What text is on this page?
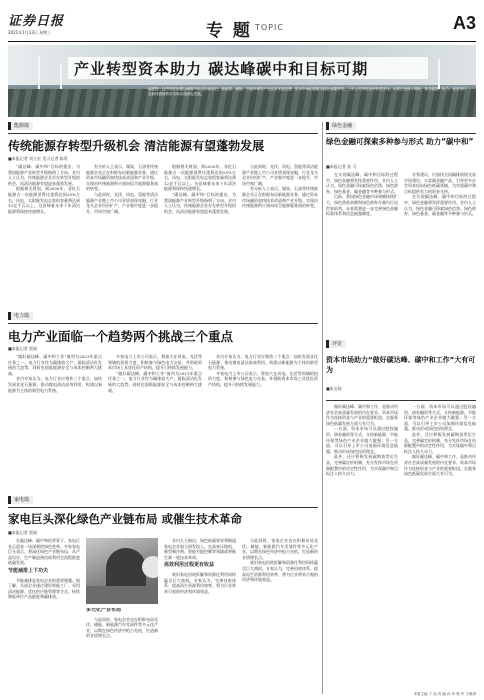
证券日报
2021年1月13日 星期三	专 题 TOPIC	A3
产业转型资本助力 碳达峰碳中和目标可期
编者按：在中国作出碳达峰碳中和目标承诺后，新能源、储能、节能环保等产业迎来发展机遇，资本市场积极服务绿色低碳转型，上市公司纷纷加快转型步伐。本报记者深入调研，探寻能源、电力、家电等行业如何借助资本市场实现绿色发展。
能源篇
传统能源存转型升级机会 清洁能源有望蓬勃发展
■本报记者 刘立宏 见习记者 陈菁

“碳达峰、碳中和”目标的提出，为我国能源产业转型升级指明了方向。业内人士认为，传统能源企业存在转型升级的机会，而清洁能源有望迎来蓬勃发展。

根据相关规划，到2030年，非化石能源占一次能源消费比重将达到25%左右，风电、太阳能发电总装机容量将达到12亿千瓦以上。这意味着未来十年清洁能源将保持快速增长。

有分析人士表示，煤炭、石油等传统能源企业正在积极布局新能源业务，通过资本市场融资加快技术改造和产业升级，实现由传统能源供应商向综合能源服务商的转变。

与此同时，光伏、风电、氢能等清洁能源产业链上市公司业绩表现亮眼，行业龙头企业纷纷扩产，产业集中度进一步提升，市场空间广阔。

根据相关规划，到2030年，非化石能源占一次能源消费比重将达到25%左右，风电、太阳能发电总装机容量将达到12亿千瓦以上。这意味着未来十年清洁能源将保持快速增长。

“碳达峰、碳中和”目标的提出，为我国能源产业转型升级指明了方向。业内人士认为，传统能源企业存在转型升级的机会，而清洁能源有望迎来蓬勃发展。

与此同时，光伏、风电、氢能等清洁能源产业链上市公司业绩表现亮眼，行业龙头企业纷纷扩产，产业集中度进一步提升，市场空间广阔。

有分析人士表示，煤炭、石油等传统能源企业正在积极布局新能源业务，通过资本市场融资加快技术改造和产业升级，实现由传统能源供应商向综合能源服务商的转变。

电力篇
电力产业面临一个趋势两个挑战三个重点
■本报记者 贾丽

“做好碳达峰、碳中和工作”被列为2021年重点任务之一。电力行业作为碳排放大户，面临清洁化发展的大趋势，同时也面临能源安全与成本控制两大挑战。

业内专家认为，电力行业应聚焦三个重点：加快发展非化石能源、推动煤电清洁高效利用、构建以新能源为主体的新型电力系统。

多家电力上市公司表示，将加大在风电、光伏等领域的投资力度，积极参与绿色电力交易，并借助资本市场工具优化资产结构，提升可持续发展能力。

“做好碳达峰、碳中和工作”被列为2021年重点任务之一。电力行业作为碳排放大户，面临清洁化发展的大趋势，同时也面临能源安全与成本控制两大挑战。

业内专家认为，电力行业应聚焦三个重点：加快发展非化石能源、推动煤电清洁高效利用、构建以新能源为主体的新型电力系统。

多家电力上市公司表示，将加大在风电、光伏等领域的投资力度，积极参与绿色电力交易，并借助资本市场工具优化资产结构，提升可持续发展能力。

家电篇
家电巨头深化绿色产业链布局 或催生技术革命
■本报记者 贾丽

在碳达峰、碳中和的背景下，家电行业正迎来一场深刻的绿色变革。多家家电巨头表示，将深化绿色产业链布局，从产品设计、生产制造到回收利用全流程推进低碳发展。

节能减排上下功夫

节能减排是家电企业的重要课题。据了解，头部企业通过建设智能工厂、采用清洁能源、优化供应链管理等方式，持续降低单位产品能耗和碳排放。

多元化产业布局

与此同时，家电企业也在积极布局光伏、储能、新能源汽车零部件等多元化产业，以期在绿色经济中抢占先机，打造新的业绩增长点。

业内人士指出，绿色低碳要求将倒逼家电企业加大研发投入，在高效压缩机、新型制冷剂、智能节能控制等领域或将催生新一轮技术革命。

高效利用过程更有收益

废旧家电回收拆解和资源化利用同样蕴含巨大商机。专家认为，完善回收体系、提高再生资源利用效率，将为行业带来可观的经济和环境效益。

与此同时，家电企业也在积极布局光伏、储能、新能源汽车零部件等多元化产业，以期在绿色经济中抢占先机，打造新的业绩增长点。

废旧家电回收拆解和资源化利用同样蕴含巨大商机。专家认为，完善回收体系、提高再生资源利用效率，将为行业带来可观的经济和环境效益。

绿色金融
绿色金融可探索多种参与形式 助力“碳中和”
■本报记者 张 可

在实现碳达峰、碳中和目标的过程中，绿色金融将发挥重要作用。业内人士认为，绿色金融可探索绿色信贷、绿色债券、绿色基金、碳金融等多种参与形式。

目前，我国绿色金融市场规模持续扩大，绿色贷款余额和绿色债券存量均位居世界前列。未来需要进一步完善绿色金融标准体系和信息披露制度。

专家建议，应加快全国碳排放权交易市场建设，丰富碳金融产品，引导更多社会资本投向绿色低碳领域，为实现碳中和目标提供有力的资金支持。

在实现碳达峰、碳中和目标的过程中，绿色金融将发挥重要作用。业内人士认为，绿色金融可探索绿色信贷、绿色债券、绿色基金、碳金融等多种参与形式。

评论
资本市场助力“做好碳达峰、碳中和工作”大有可为
■朱宝琛

做好碳达峰、碳中和工作，是推动经济社会高质量发展的内在要求。资本市场作为连接资金与产业的重要枢纽，在服务绿色低碳发展方面大有可为。

一方面，资本市场可以通过股权融资、债券融资等方式，支持新能源、节能环保等绿色产业企业做大做强；另一方面，可以引导上市公司加强环境信息披露，推动形成绿色投资理念。

此外，还应积极发展碳期货等衍生品，完善碳定价机制，充分发挥市场在资源配置中的决定性作用，为实现碳中和目标注入持久动力。

一方面，资本市场可以通过股权融资、债券融资等方式，支持新能源、节能环保等绿色产业企业做大做强；另一方面，可以引导上市公司加强环境信息披露，推动形成绿色投资理念。

此外，还应积极发展碳期货等衍生品，完善碳定价机制，充分发挥市场在资源配置中的决定性作用，为实现碳中和目标注入持久动力。

做好碳达峰、碳中和工作，是推动经济社会高质量发展的内在要求。资本市场作为连接资金与产业的重要枢纽，在服务绿色低碳发展方面大有可为。

本版主编 于 南 责 编 孙 华 制 作 王敬涛
